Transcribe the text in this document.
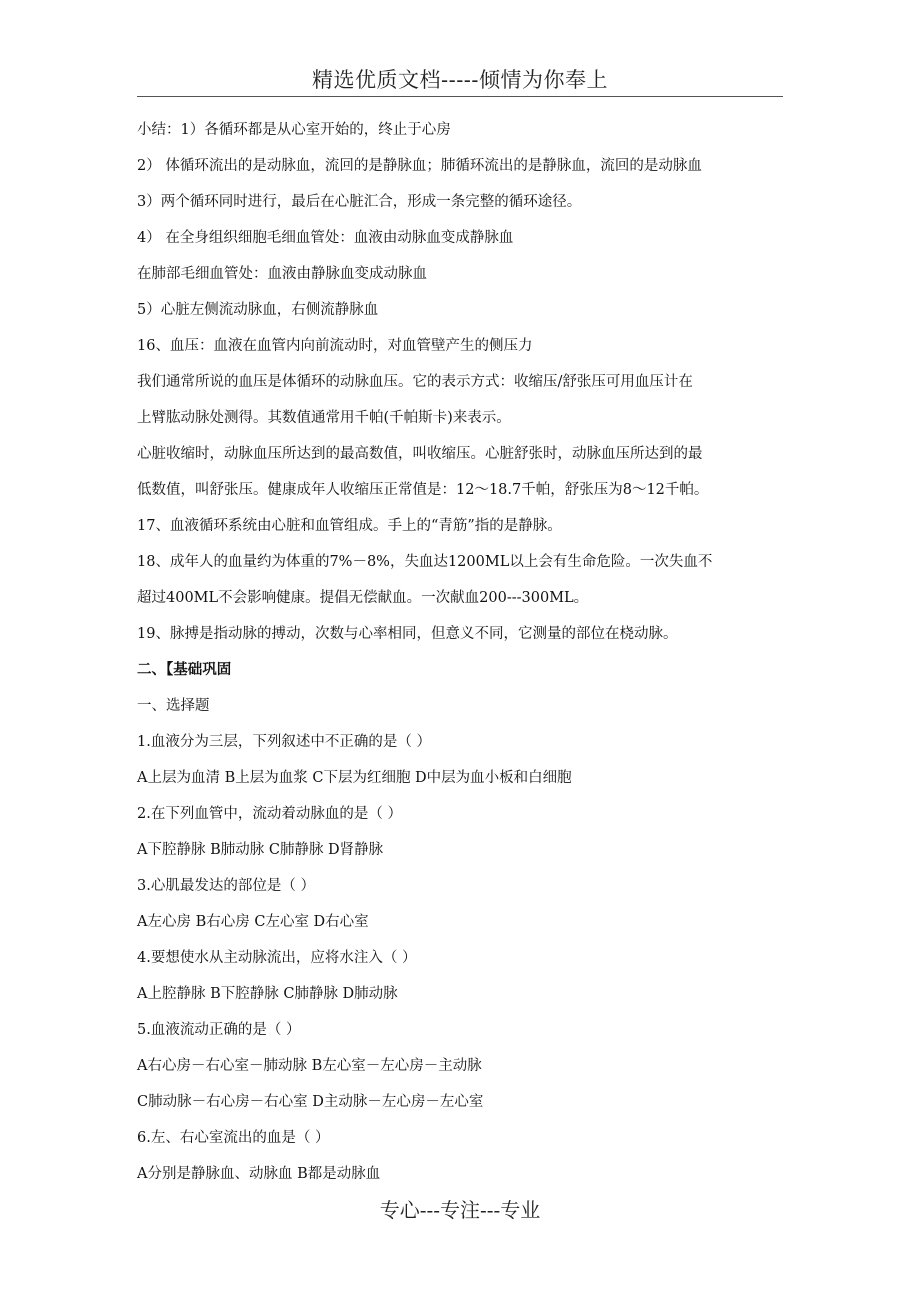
精选优质文档-----倾情为你奉上
小结：1）各循环都是从心室开始的，终止于心房
2） 体循环流出的是动脉血，流回的是静脉血；肺循环流出的是静脉血，流回的是动脉血
3）两个循环同时进行，最后在心脏汇合，形成一条完整的循环途径。
4） 在全身组织细胞毛细血管处：血液由动脉血变成静脉血
在肺部毛细血管处：血液由静脉血变成动脉血
5）心脏左侧流动脉血，右侧流静脉血
16、血压：血液在血管内向前流动时，对血管壁产生的侧压力
我们通常所说的血压是体循环的动脉血压。它的表示方式：收缩压/舒张压可用血压计在
上臂肱动脉处测得。其数值通常用千帕(千帕斯卡)来表示。
心脏收缩时，动脉血压所达到的最高数值，叫收缩压。心脏舒张时，动脉血压所达到的最
低数值，叫舒张压。健康成年人收缩压正常值是：12～18.7千帕，舒张压为8～12千帕。
17、血液循环系统由心脏和血管组成。手上的“青筋”指的是静脉。
18、成年人的血量约为体重的7%－8%，失血达1200ML以上会有生命危险。一次失血不
超过400ML不会影响健康。提倡无偿献血。一次献血200---300ML。
19、脉搏是指动脉的搏动，次数与心率相同，但意义不同，它测量的部位在桡动脉。
二、【基础巩固
一、选择题
1.血液分为三层，下列叙述中不正确的是（ ）
A上层为血清 B上层为血浆 C下层为红细胞 D中层为血小板和白细胞
2.在下列血管中，流动着动脉血的是（ ）
A下腔静脉 B肺动脉 C肺静脉 D肾静脉
3.心肌最发达的部位是（ ）
A左心房 B右心房 C左心室 D右心室
4.要想使水从主动脉流出，应将水注入（ ）
A上腔静脉 B下腔静脉 C肺静脉 D肺动脉
5.血液流动正确的是（ ）
A右心房－右心室－肺动脉 B左心室－左心房－主动脉
C肺动脉－右心房－右心室 D主动脉－左心房－左心室
6.左、右心室流出的血是（ ）
A分别是静脉血、动脉血 B都是动脉血
专心---专注---专业
